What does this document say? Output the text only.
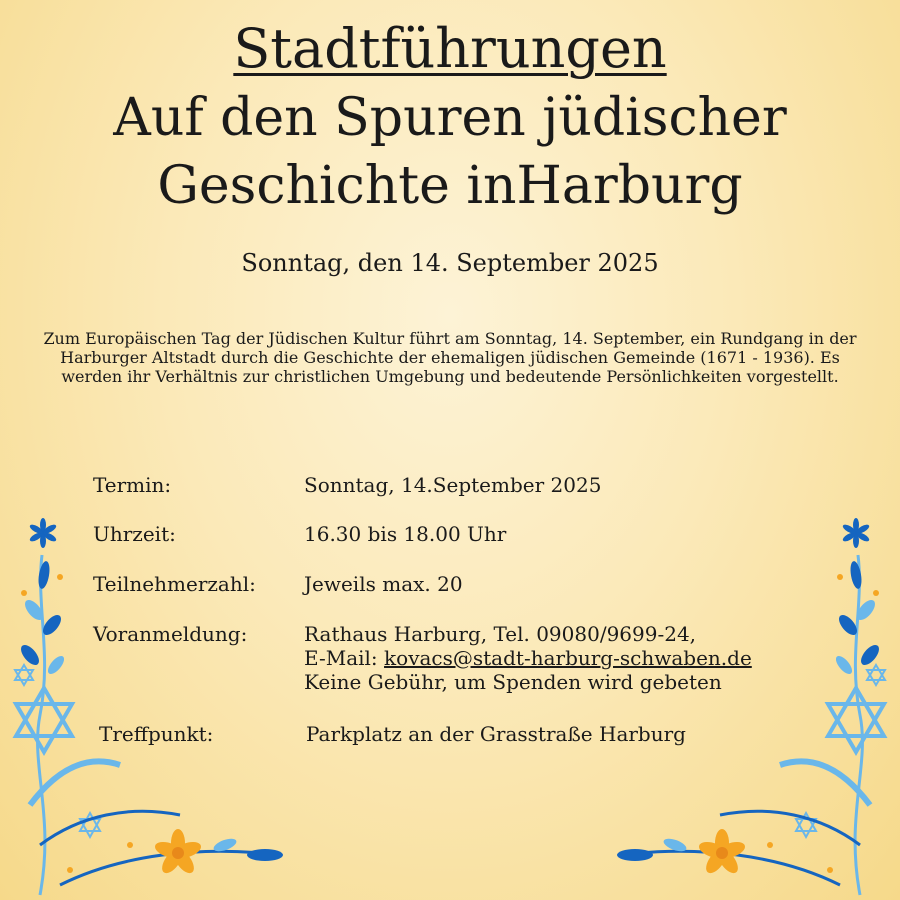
Stadtführungen
Auf den Spuren jüdischer
Geschichte inHarburg
Sonntag, den 14. September 2025
Zum Europäischen Tag der Jüdischen Kultur führt am Sonntag, 14. September, ein Rundgang in der Harburger Altstadt durch die Geschichte der ehemaligen jüdischen Gemeinde (1671 - 1936). Es werden ihr Verhältnis zur christlichen Umgebung und bedeutende Persönlichkeiten vorgestellt.
Termin:	Sonntag, 14.September 2025
Uhrzeit:	16.30 bis 18.00 Uhr
Teilnehmerzahl: Jeweils max. 20
Voranmeldung:	Rathaus Harburg, Tel. 09080/9699-24,
E-Mail: kovacs@stadt-harburg-schwaben.de
Keine Gebühr, um Spenden wird gebeten
Treffpunkt:	Parkplatz an der Grasstraße Harburg
